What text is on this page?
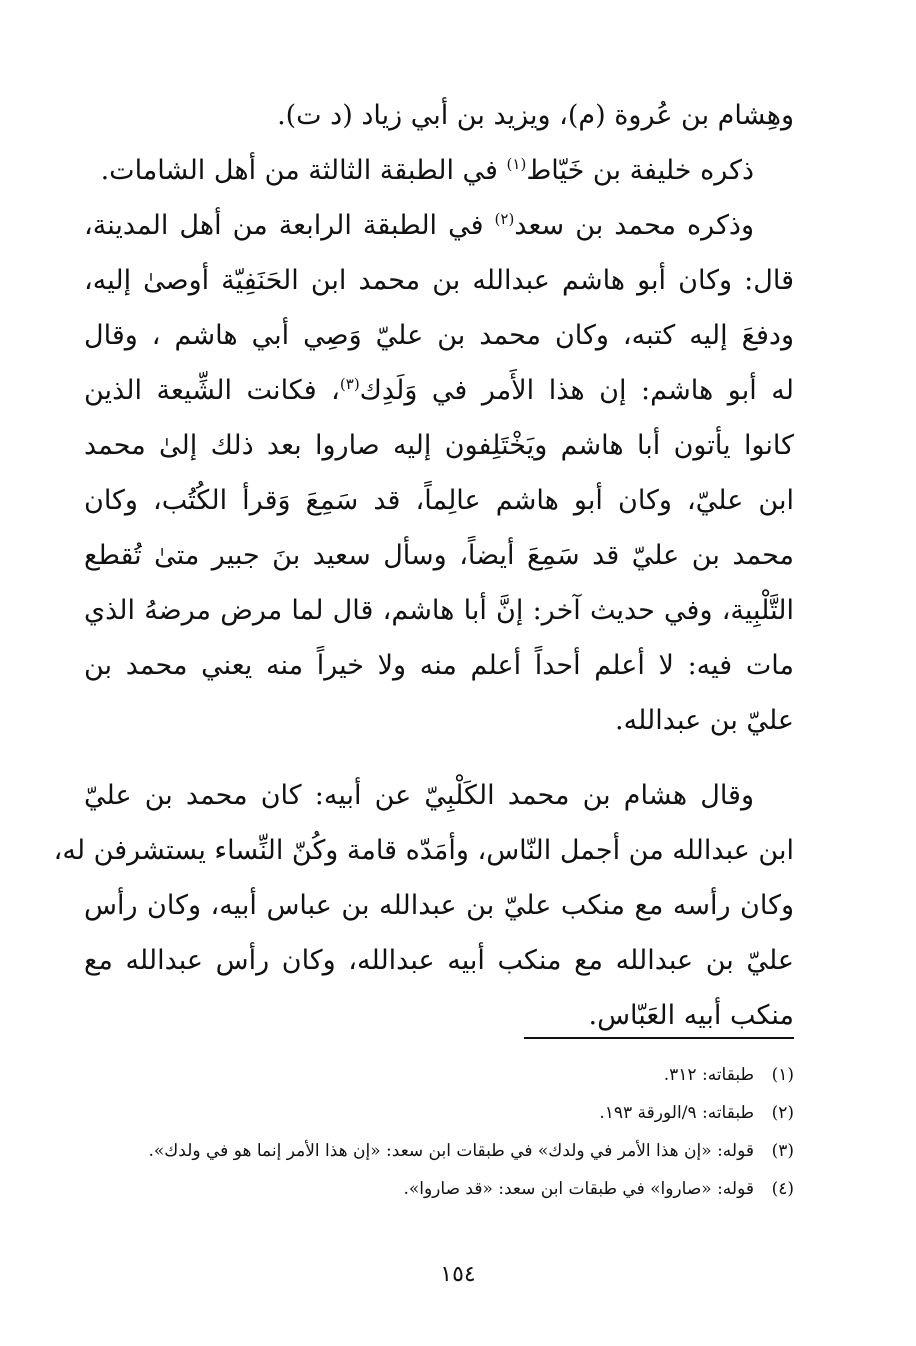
وهِشام بن عُروة (م)، ويزيد بن أبي زياد (د ت).
ذكره خليفة بن خَيّاط$^{(١)}$ في الطبقة الثالثة من أهل الشامات.
وذكره محمد بن سعد$^{(٢)}$ في الطبقة الرابعة من أهل المدينة،
قال: وكان أبو هاشم عبدالله بن محمد ابن الحَنَفِيّة أوصىٰ إليه،
ودفعَ إليه كتبه، وكان محمد بن عليّ وَصِي أبي هاشم ، وقال
له أبو هاشم: إن هذا الأَمر في وَلَدِك$^{(٣)}$، فكانت الشِّيعة الذين
كانوا يأتون أبا هاشم ويَخْتَلِفون إليه صاروا بعد ذلك إلىٰ محمد
ابن عليّ، وكان أبو هاشم عالِماً، قد سَمِعَ وَقرأ الكُتُب، وكان
محمد بن عليّ قد سَمِعَ أيضاً، وسأل سعيد بنَ جبير متىٰ تُقطع
التَّلْبِية، وفي حديث آخر: إنَّ أبا هاشم، قال لما مرض مرضهُ الذي
مات فيه: لا أعلم أحداً أعلم منه ولا خيراً منه يعني محمد بن
عليّ بن عبدالله.
وقال هشام بن محمد الكَلْبِيّ عن أبيه: كان محمد بن عليّ
ابن عبدالله من أجمل النّاس، وأمَدّه قامة وكُنّ النِّساء يستشرفن له،
وكان رأسه مع منكب عليّ بن عبدالله بن عباس أبيه، وكان رأس
عليّ بن عبدالله مع منكب أبيه عبدالله، وكان رأس عبدالله مع
منكب أبيه العَبّاس.
(١)
طبقاته: ٣١٢.
(٢)
طبقاته: ٩/الورقة ١٩٣.
(٣)
قوله: «إن هذا الأمر في ولدك» في طبقات ابن سعد: «إن هذا الأمر إنما هو في ولدك».
(٤)
قوله: «صاروا» في طبقات ابن سعد: «قد صاروا».
١٥٤
